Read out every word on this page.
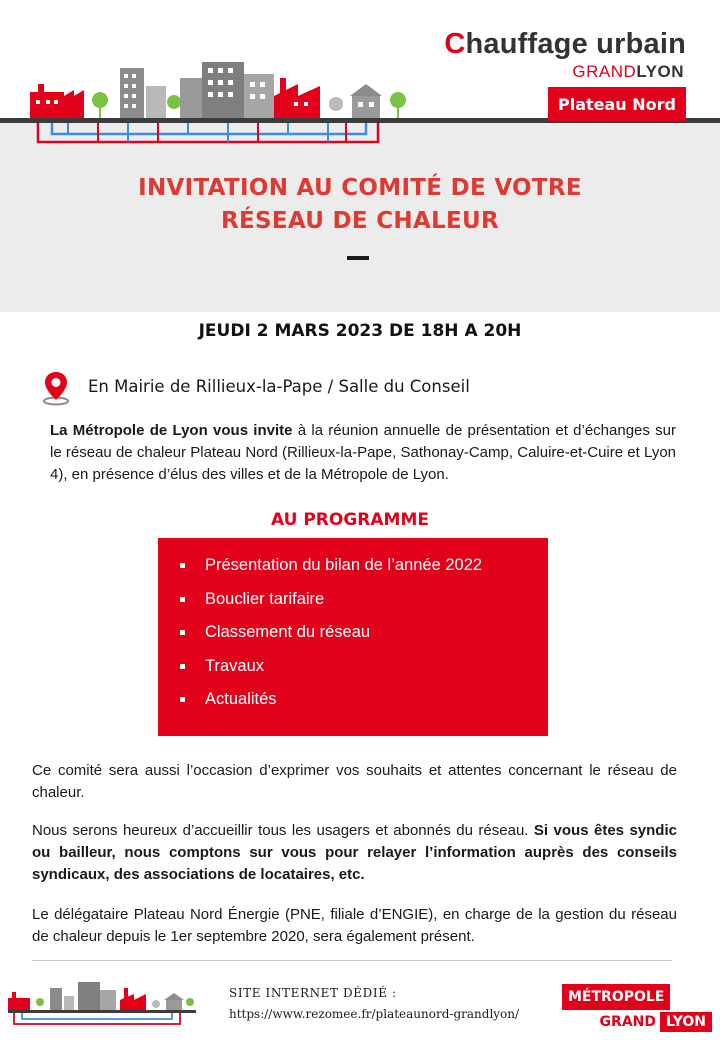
Chauffage urbain
GRANDLYON
Plateau Nord
INVITATION AU COMITÉ DE VOTRE
RÉSEAU DE CHALEUR
JEUDI 2 MARS 2023 DE 18H A 20H
En Mairie de Rillieux-la-Pape / Salle du Conseil
La Métropole de Lyon vous invite à la réunion annuelle de présentation et d’échanges sur le réseau de chaleur Plateau Nord (Rillieux-la-Pape, Sathonay-Camp, Caluire-et-Cuire et Lyon 4), en présence d’élus des villes et de la Métropole de Lyon.
AU PROGRAMME
Présentation du bilan de l’année 2022
Bouclier tarifaire
Classement du réseau
Travaux
Actualités
Ce comité sera aussi l’occasion d’exprimer vos souhaits et attentes concernant le réseau de chaleur.
Nous serons heureux d’accueillir tous les usagers et abonnés du réseau. Si vous êtes syndic ou bailleur, nous comptons sur vous pour relayer l’information auprès des conseils syndicaux, des associations de locataires, etc.
Le délégataire Plateau Nord Énergie (PNE, filiale d’ENGIE), en charge de la gestion du réseau de chaleur depuis le 1er septembre 2020, sera également présent.
SITE INTERNET DÉDIÉ :
https://www.rezomee.fr/plateaunord-grandlyon/
MÉTROPOLE
GRAND LYON
